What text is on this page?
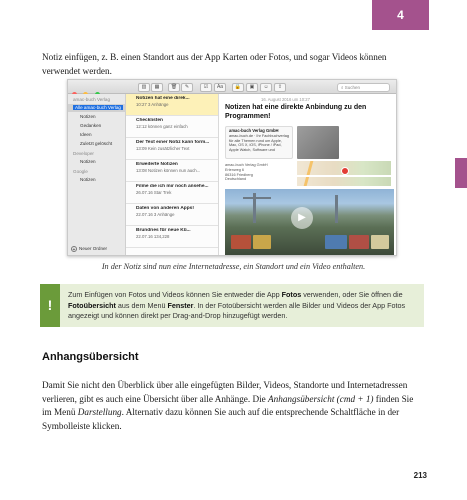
4
Notiz einfügen, z. B. einen Standort aus der App Karten oder Fotos, und sogar Videos können verwendet werden.

▥	▦	🗑	✎	☑	Aa	🔒	▣	☺	⇪	⌕ Suchen
amac-buch Verlag
Alle amac-buch Verlag
Notizen
Gedanken
Ideen
Zuletzt gelöscht
Developer
Notizen
Google
Notizen
+ Neuer Ordner
Notizen hat eine direk...
10:27 3 Anhänge
Checklisten
12:12 können ganz einfach
Der Text einer Notiz kann form...
13:09 Kein zusätzlicher Text
Erweiterte Notizen
13:08 Notizen können nun auch...
Filme die ich mir noch ansehe...
26.07.16 Star Trek
Daten von anderen Apps!
22.07.16 3 Anhänge
Brundries für neue Kü...
22.07.16 134,228
16. August 2016 um 10:27
Notizen hat eine direkte Anbindung zu den Programmen!
amac-buch Verlag GmbH
amac-buch.de · Ihr Fachbuchverlag für alle Themen rund um Apple, Mac, OS X, iOS, iPhone / iPad, Apple Watch, Software und
amac-buch Verlag GmbH
Erlenweg 6
86316 Friedberg
Deutschland
▶
In der Notiz sind nun eine Internetadresse, ein Standort und ein Video enthalten.
!
Zum Einfügen von Fotos und Videos können Sie entweder die App Fotos verwenden, oder Sie öffnen die Fotoübersicht aus dem Menü Fenster. In der Fotoübersicht werden alle Bilder und Videos der App Fotos angezeigt und können direkt per Drag-and-Drop hinzugefügt werden.
Anhangsübersicht
Damit Sie nicht den Überblick über alle eingefügten Bilder, Videos, Standorte und Internetadressen verlieren, gibt es auch eine Übersicht über alle Anhänge. Die Anhangsübersicht (cmd + 1) finden Sie im Menü Darstellung. Alternativ dazu können Sie auch auf die entsprechende Schaltfläche in der Symbolleiste klicken.
213
